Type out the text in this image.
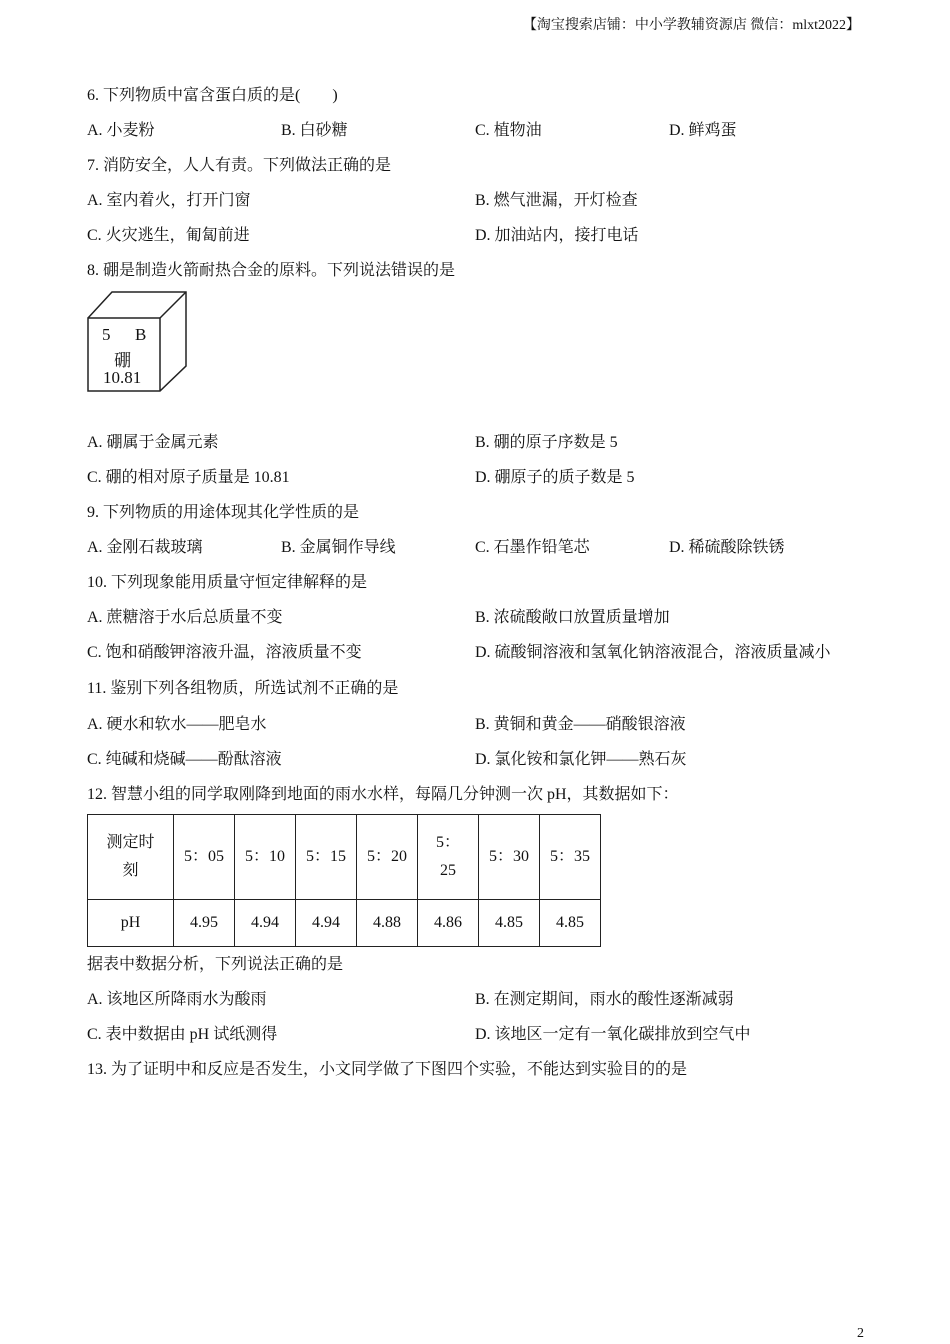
【淘宝搜索店铺：中小学教辅资源店 微信：mlxt2022】
6. 下列物质中富含蛋白质的是(　　)
A. 小麦粉	B. 白砂糖	C. 植物油	D. 鲜鸡蛋
7. 消防安全，人人有责。下列做法正确的是
A. 室内着火，打开门窗	B. 燃气泄漏，开灯检查
C. 火灾逃生，匍匐前进	D. 加油站内，接打电话
8. 硼是制造火箭耐热合金的原料。下列说法错误的是
5 B
硼
10.81
A. 硼属于金属元素	B. 硼的原子序数是 5
C. 硼的相对原子质量是 10.81	D. 硼原子的质子数是 5
9. 下列物质的用途体现其化学性质的是
A. 金刚石裁玻璃	B. 金属铜作导线	C. 石墨作铅笔芯	D. 稀硫酸除铁锈
10. 下列现象能用质量守恒定律解释的是
A. 蔗糖溶于水后总质量不变	B. 浓硫酸敞口放置质量增加
C. 饱和硝酸钾溶液升温，溶液质量不变	D. 硫酸铜溶液和氢氧化钠溶液混合，溶液质量减小
11. 鉴别下列各组物质，所选试剂不正确的是
A. 硬水和软水——肥皂水	B. 黄铜和黄金——硝酸银溶液
C. 纯碱和烧碱——酚酞溶液	D. 氯化铵和氯化钾——熟石灰
12. 智慧小组的同学取刚降到地面的雨水水样，每隔几分钟测一次 pH，其数据如下：
测定时
刻	5：05	5：10	5：15	5：20	5：25	5：30	5：35
pH	4.95	4.94	4.94	4.88	4.86	4.85	4.85
据表中数据分析，下列说法正确的是
A. 该地区所降雨水为酸雨	B. 在测定期间，雨水的酸性逐渐减弱
C. 表中数据由 pH 试纸测得	D. 该地区一定有一氧化碳排放到空气中
13. 为了证明中和反应是否发生，小文同学做了下图四个实验，不能达到实验目的的是
2
